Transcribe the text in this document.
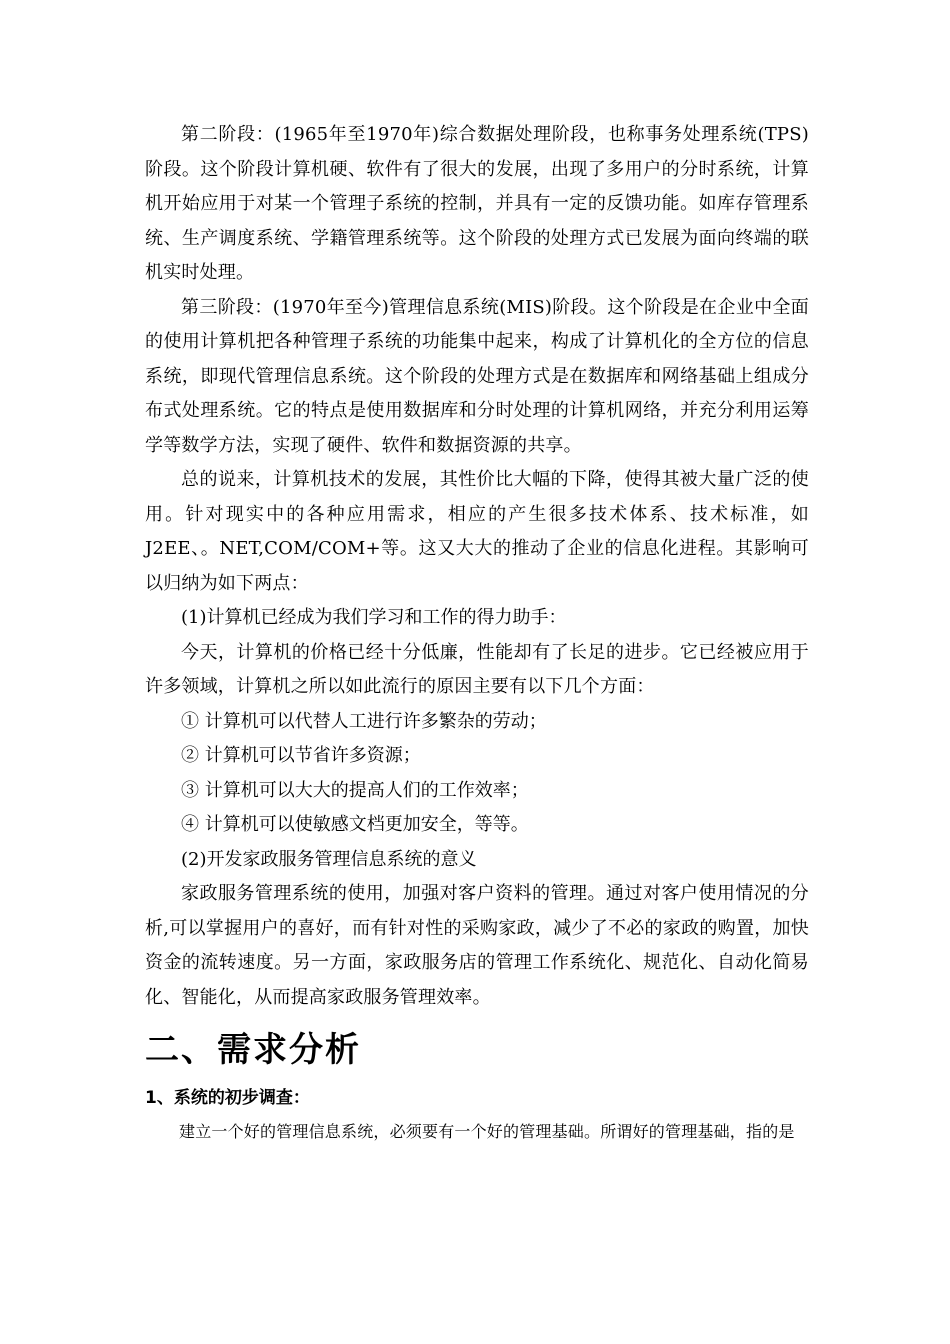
第二阶段：(1965年至1970年)综合数据处理阶段，也称事务处理系统(TPS)阶段。这个阶段计算机硬、软件有了很大的发展，出现了多用户的分时系统，计算机开始应用于对某一个管理子系统的控制，并具有一定的反馈功能。如库存管理系统、生产调度系统、学籍管理系统等。这个阶段的处理方式已发展为面向终端的联机实时处理。

第三阶段：(1970年至今)管理信息系统(MIS)阶段。这个阶段是在企业中全面的使用计算机把各种管理子系统的功能集中起来，构成了计算机化的全方位的信息系统，即现代管理信息系统。这个阶段的处理方式是在数据库和网络基础上组成分布式处理系统。它的特点是使用数据库和分时处理的计算机网络，并充分利用运筹学等数学方法，实现了硬件、软件和数据资源的共享。

总的说来，计算机技术的发展，其性价比大幅的下降，使得其被大量广泛的使用。针对现实中的各种应用需求，相应的产生很多技术体系、技术标准，如J2EE、。NET,COM/COM+等。这又大大的推动了企业的信息化进程。其影响可以归纳为如下两点：

(1)计算机已经成为我们学习和工作的得力助手：

今天，计算机的价格已经十分低廉，性能却有了长足的进步。它已经被应用于许多领域，计算机之所以如此流行的原因主要有以下几个方面：

① 计算机可以代替人工进行许多繁杂的劳动；

② 计算机可以节省许多资源；

③ 计算机可以大大的提高人们的工作效率；

④ 计算机可以使敏感文档更加安全，等等。

(2)开发家政服务管理信息系统的意义

家政服务管理系统的使用，加强对客户资料的管理。通过对客户使用情况的分析,可以掌握用户的喜好，而有针对性的采购家政，减少了不必的家政的购置，加快资金的流转速度。另一方面，家政服务店的管理工作系统化、规范化、自动化简易化、智能化，从而提高家政服务管理效率。

二、需求分析
1、系统的初步调查：

建立一个好的管理信息系统，必须要有一个好的管理基础。所谓好的管理基础，指的是
